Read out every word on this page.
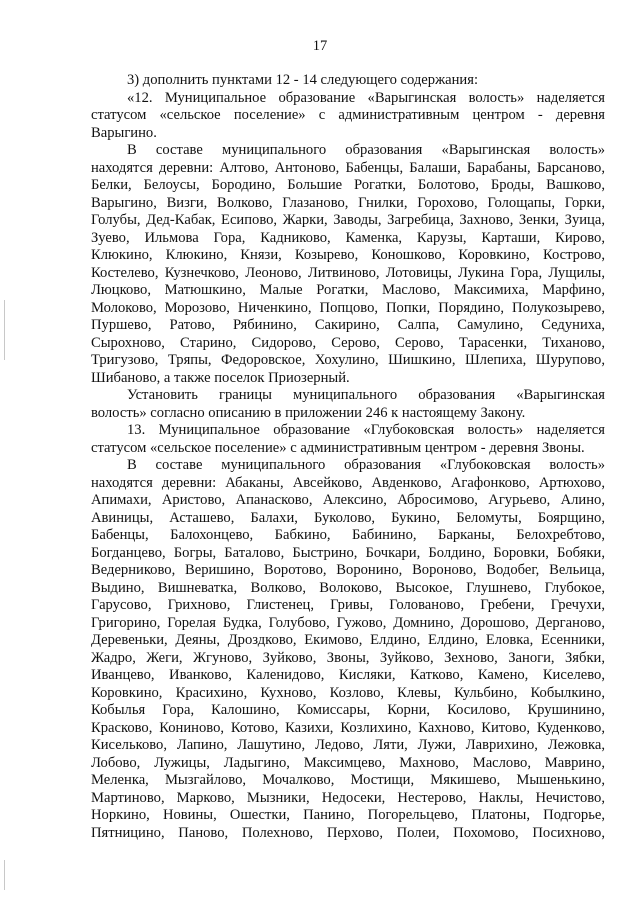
17
3) дополнить пунктами 12 - 14 следующего содержания:
«12. Муниципальное образование «Варыгинская волость» наделяется
статусом «сельское поселение» с административным центром - деревня
Варыгино.
В составе муниципального образования «Варыгинская волость»
находятся деревни: Алтово, Антоново, Бабенцы, Балаши, Барабаны, Барсаново,
Белки, Белоусы, Бородино, Большие Рогатки, Болотово, Броды, Вашково,
Варыгино, Визги, Волково, Глазаново, Гнилки, Горохово, Голощапы, Горки,
Голубы, Дед-Кабак, Есипово, Жарки, Заводы, Загребица, Захново, Зенки, Зуица,
Зуево, Ильмова Гора, Кадниково, Каменка, Карузы, Карташи, Кирово,
Клюкино, Клюкино, Князи, Козырево, Коношково, Коровкино, Кострово,
Костелево, Кузнечково, Леоново, Литвиново, Лотовицы, Лукина Гора, Лущилы,
Люцково, Матюшкино, Малые Рогатки, Маслово, Максимиха, Марфино,
Молоково, Морозово, Ниченкино, Попцово, Попки, Порядино, Полукозырево,
Пуршево, Ратово, Рябинино, Сакирино, Салпа, Самулино, Седуниха,
Сырохново, Старино, Сидорово, Серово, Серово, Тарасенки, Тиханово,
Тригузово, Тряпы, Федоровское, Хохулино, Шишкино, Шлепиха, Шурупово,
Шибаново, а также поселок Приозерный.
Установить границы муниципального образования «Варыгинская
волость» согласно описанию в приложении 246 к настоящему Закону.
13. Муниципальное образование «Глубоковская волость» наделяется
статусом «сельское поселение» с административным центром - деревня Звоны.
В составе муниципального образования «Глубоковская волость»
находятся деревни: Абаканы, Авсейково, Авденково, Агафонково, Артюхово,
Апимахи, Аристово, Апанасково, Алексино, Абросимово, Агурьево, Алино,
Авиницы, Асташево, Балахи, Буколово, Букино, Беломуты, Боярщино,
Бабенцы, Балохонцево, Бабкино, Бабинино, Барканы, Белохребтово,
Богданцево, Богры, Баталово, Быстрино, Бочкари, Болдино, Боровки, Бобяки,
Ведерниково, Веришино, Воротово, Воронино, Вороново, Водобег, Вельица,
Выдино, Вишневатка, Волково, Волоково, Высокое, Глушнево, Глубокое,
Гарусово, Грихново, Глистенец, Гривы, Голованово, Гребени, Гречухи,
Григорино, Горелая Будка, Голубово, Гужово, Домнино, Дорошово, Дерганово,
Деревеньки, Деяны, Дроздково, Екимово, Елдино, Елдино, Еловка, Есенники,
Жадро, Жеги, Жгуново, Зуйково, Звоны, Зуйково, Зехново, Заноги, Зябки,
Иванцево, Иванково, Каленидово, Кисляки, Катково, Камено, Киселево,
Коровкино, Красихино, Кухново, Козлово, Клевы, Кульбино, Кобылкино,
Кобылья Гора, Калошино, Комиссары, Корни, Косилово, Крушинино,
Красково, Кониново, Котово, Казихи, Козлихино, Кахново, Китово, Куденково,
Кисельково, Лапино, Лашутино, Ледово, Ляти, Лужи, Лаврихино, Лежовка,
Лобово, Лужицы, Ладыгино, Максимцево, Махново, Маслово, Маврино,
Меленка, Мызгайлово, Мочалково, Мостищи, Мякишево, Мышенькино,
Мартиново, Марково, Мызники, Недосеки, Нестерово, Наклы, Нечистово,
Норкино, Новины, Ошестки, Панино, Погорельцево, Платоны, Подгорье,
Пятницино, Паново, Полехново, Перхово, Полеи, Похомово, Посихново,
